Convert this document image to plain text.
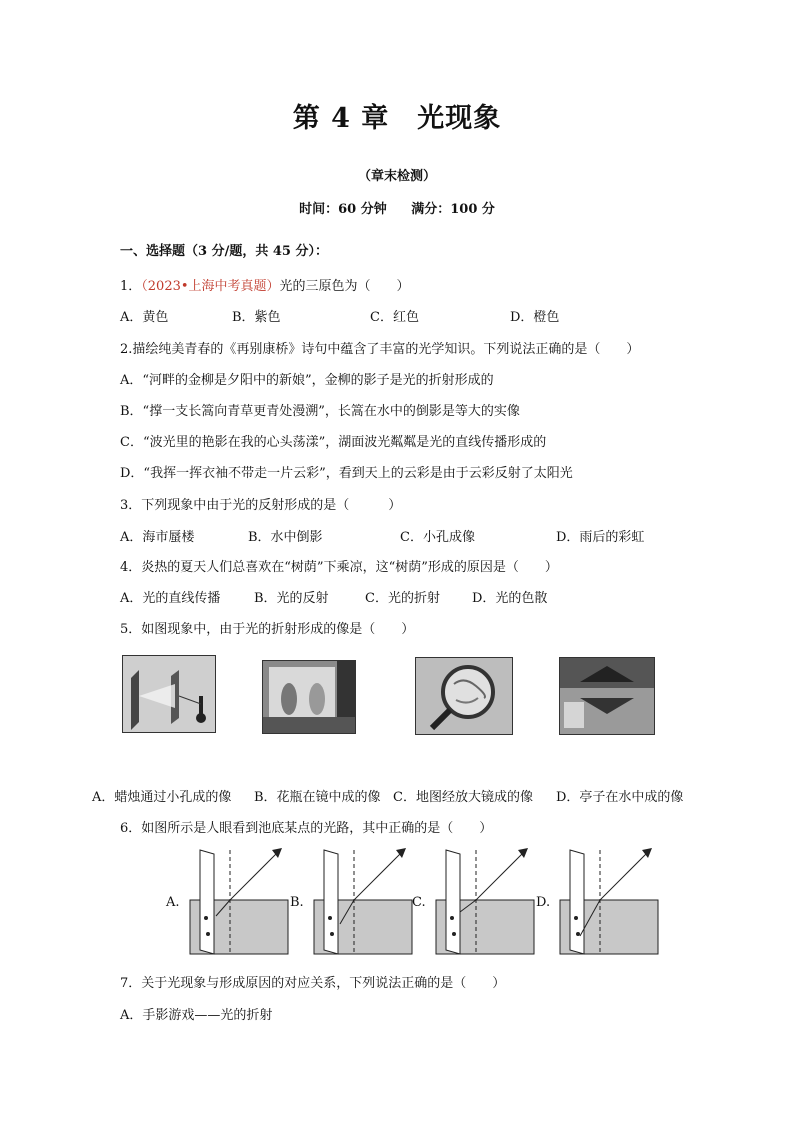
第 4 章　光现象
（章末检测）
时间：60 分钟 满分：100 分
一、选择题（3 分/题，共 45 分）：
1．（2023•上海中考真题）光的三原色为（　　）
A．黄色	B．紫色	C．红色	D．橙色
2.描绘纯美青春的《再别康桥》诗句中蕴含了丰富的光学知识。下列说法正确的是（　　）
A．“河畔的金柳是夕阳中的新娘”，金柳的影子是光的折射形成的
B．“撑一支长篙向青草更青处漫溯”，长篙在水中的倒影是等大的实像
C．“波光里的艳影在我的心头荡漾”，湖面波光粼粼是光的直线传播形成的
D．“我挥一挥衣袖不带走一片云彩”，看到天上的云彩是由于云彩反射了太阳光
3．下列现象中由于光的反射形成的是（　　　）
A．海市蜃楼	B．水中倒影	C．小孔成像	D．雨后的彩虹
4．炎热的夏天人们总喜欢在“树荫”下乘凉，这“树荫”形成的原因是（　　）
A．光的直线传播	B．光的反射	C．光的折射 D．光的色散
5．如图现象中，由于光的折射形成的像是（　　）
A．蜡烛通过小孔成的像 B．花瓶在镜中成的像 C．地图经放大镜成的像 D．亭子在水中成的像
6．如图所示是人眼看到池底某点的光路，其中正确的是（　　）
A.	B.	C.	D.
7．关于光现象与形成原因的对应关系，下列说法正确的是（　　）
A．手影游戏——光的折射
